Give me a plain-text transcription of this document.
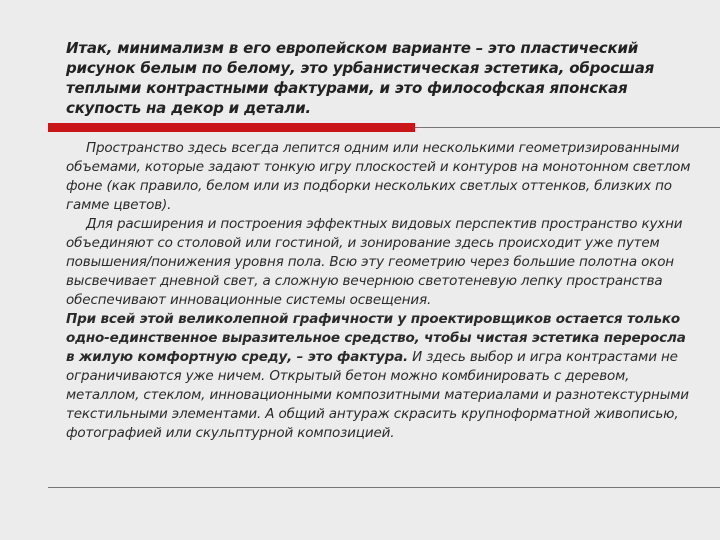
Итак, минимализм в его европейском варианте – это пластический рисунок белым по белому, это урбанистическая эстетика, обросшая теплыми контрастными фактурами, и это философская японская скупость на декор и детали.

Пространство здесь всегда лепится одним или несколькими геометризированными объемами, которые задают тонкую игру плоскостей и контуров на монотонном светлом фоне (как правило, белом или из подборки нескольких светлых оттенков, близких по гамме цветов).

Для расширения и построения эффектных видовых перспектив пространство кухни объединяют со столовой или гостиной, и зонирование здесь происходит уже путем повышения/понижения уровня пола. Всю эту геометрию через большие полотна окон высвечивает дневной свет, а сложную вечернюю светотеневую лепку пространства обеспечивают инновационные системы освещения.

При всей этой великолепной графичности у проектировщиков остается только одно-единственное выразительное средство, чтобы чистая эстетика переросла в жилую комфортную среду, – это фактура. И здесь выбор и игра контрастами не ограничиваются уже ничем. Открытый бетон можно комбинировать с деревом, металлом, стеклом, инновационными композитными материалами и разнотекстурными текстильными элементами. А общий антураж скрасить крупноформатной живописью, фотографией или скульптурной композицией.
